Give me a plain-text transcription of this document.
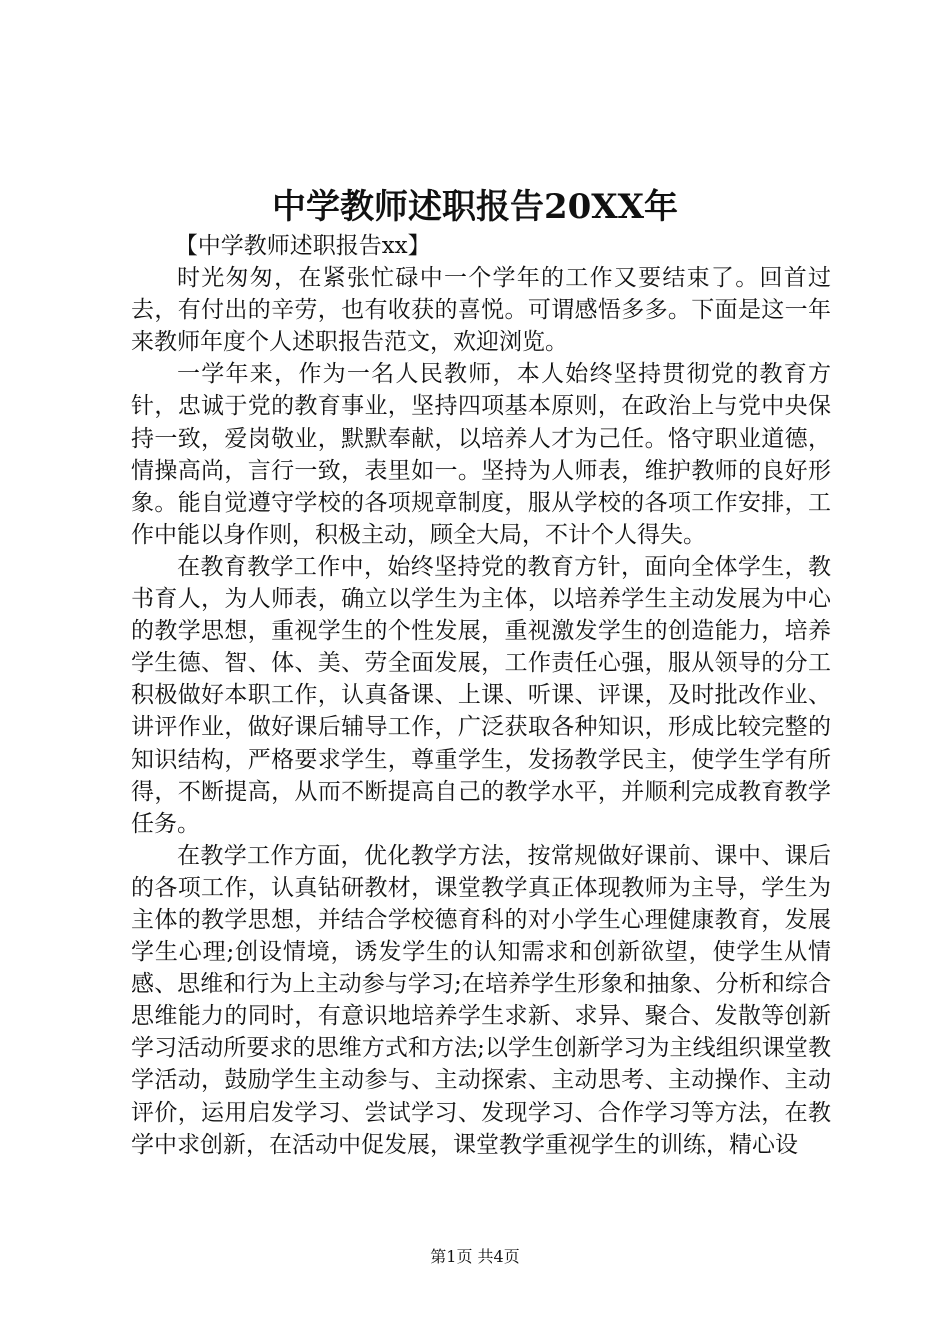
中学教师述职报告20XX年

【中学教师述职报告xx】

时光匆匆，在紧张忙碌中一个学年的工作又要结束了。回首过去，有付出的辛劳，也有收获的喜悦。可谓感悟多多。下面是这一年来教师年度个人述职报告范文，欢迎浏览。

一学年来，作为一名人民教师，本人始终坚持贯彻党的教育方针，忠诚于党的教育事业，坚持四项基本原则，在政治上与党中央保持一致，爱岗敬业，默默奉献，以培养人才为己任。恪守职业道德，情操高尚，言行一致，表里如一。坚持为人师表，维护教师的良好形象。能自觉遵守学校的各项规章制度，服从学校的各项工作安排，工作中能以身作则，积极主动，顾全大局，不计个人得失。

在教育教学工作中，始终坚持党的教育方针，面向全体学生，教书育人，为人师表，确立以学生为主体，以培养学生主动发展为中心的教学思想，重视学生的个性发展，重视激发学生的创造能力，培养学生德、智、体、美、劳全面发展，工作责任心强，服从领导的分工积极做好本职工作，认真备课、上课、听课、评课，及时批改作业、讲评作业，做好课后辅导工作，广泛获取各种知识，形成比较完整的知识结构，严格要求学生，尊重学生，发扬教学民主，使学生学有所得，不断提高，从而不断提高自己的教学水平，并顺利完成教育教学任务。

在教学工作方面，优化教学方法，按常规做好课前、课中、课后的各项工作，认真钻研教材，课堂教学真正体现教师为主导，学生为主体的教学思想，并结合学校德育科的对小学生心理健康教育，发展学生心理;创设情境，诱发学生的认知需求和创新欲望，使学生从情感、思维和行为上主动参与学习;在培养学生形象和抽象、分析和综合思维能力的同时，有意识地培养学生求新、求异、聚合、发散等创新学习活动所要求的思维方式和方法;以学生创新学习为主线组织课堂教学活动，鼓励学生主动参与、主动探索、主动思考、主动操作、主动评价，运用启发学习、尝试学习、发现学习、合作学习等方法，在教学中求创新，在活动中促发展，课堂教学重视学生的训练，精心设

第1页 共4页
